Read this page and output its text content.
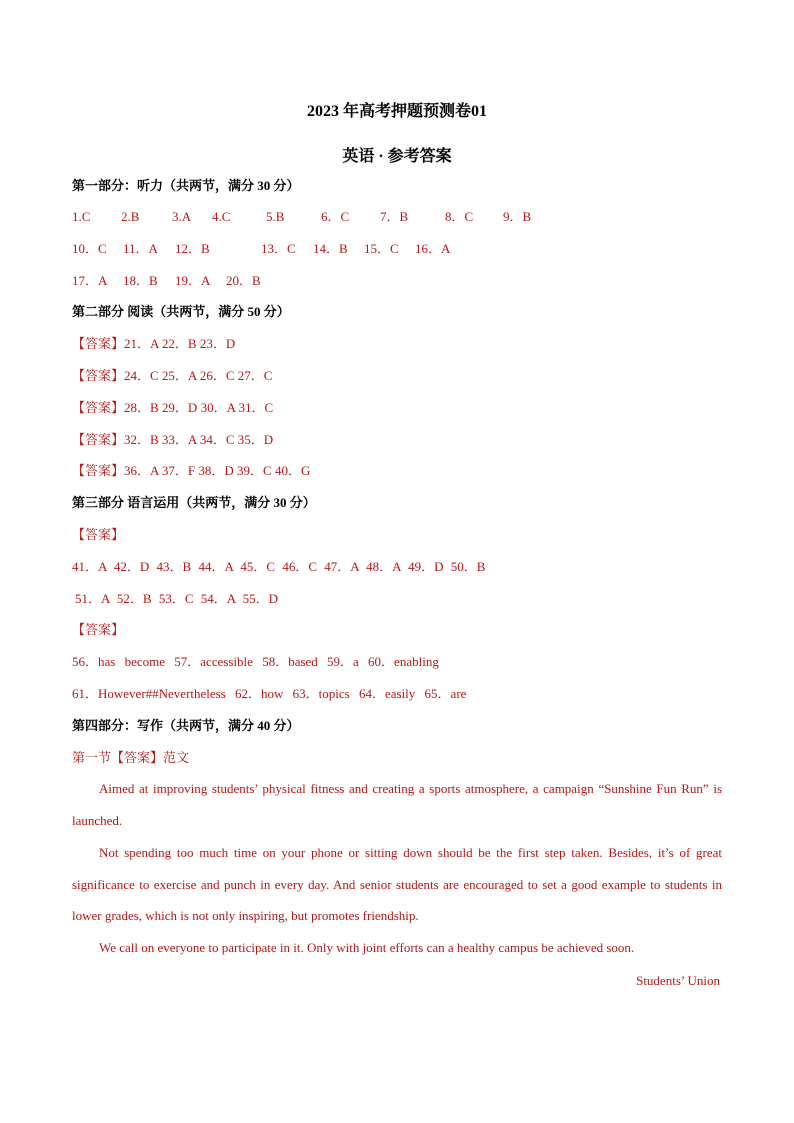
2023 年高考押题预测卷01
英语 · 参考答案
第一部分：听力（共两节，满分 30 分）
1.C 2.B	3.A 4.C	5.B	6．C 7．B	8．C 9．B
10．C 11．A 12．B	13．C 14．B 15．C 16．A
17．A 18．B 19．A 20．B
第二部分 阅读（共两节，满分 50 分）
【答案】21．A 22．B 23．D
【答案】24．C 25．A 26．C 27．C
【答案】28．B 29．D 30．A 31．C
【答案】32．B 33．A 34．C 35．D
【答案】36．A 37．F 38．D 39．C 40．G
第三部分 语言运用（共两节，满分 30 分）
【答案】
41．A 42．D 43．B 44．A 45．C 46．C 47．A 48．A 49．D 50．B
51．A 52．B 53．C 54．A 55．D
【答案】
56．has become 57．accessible 58．based 59．a 60．enabling
61．However##Nevertheless 62．how 63．topics 64．easily 65．are
第四部分：写作（共两节，满分 40 分）
第一节【答案】范文

Aimed at improving students’ physical fitness and creating a sports atmosphere, a campaign “Sunshine Fun Run” is launched.

Not spending too much time on your phone or sitting down should be the first step taken. Besides, it’s of great significance to exercise and punch in every day. And senior students are encouraged to set a good example to students in lower grades, which is not only inspiring, but promotes friendship.

We call on everyone to participate in it. Only with joint efforts can a healthy campus be achieved soon.

Students’ Union
